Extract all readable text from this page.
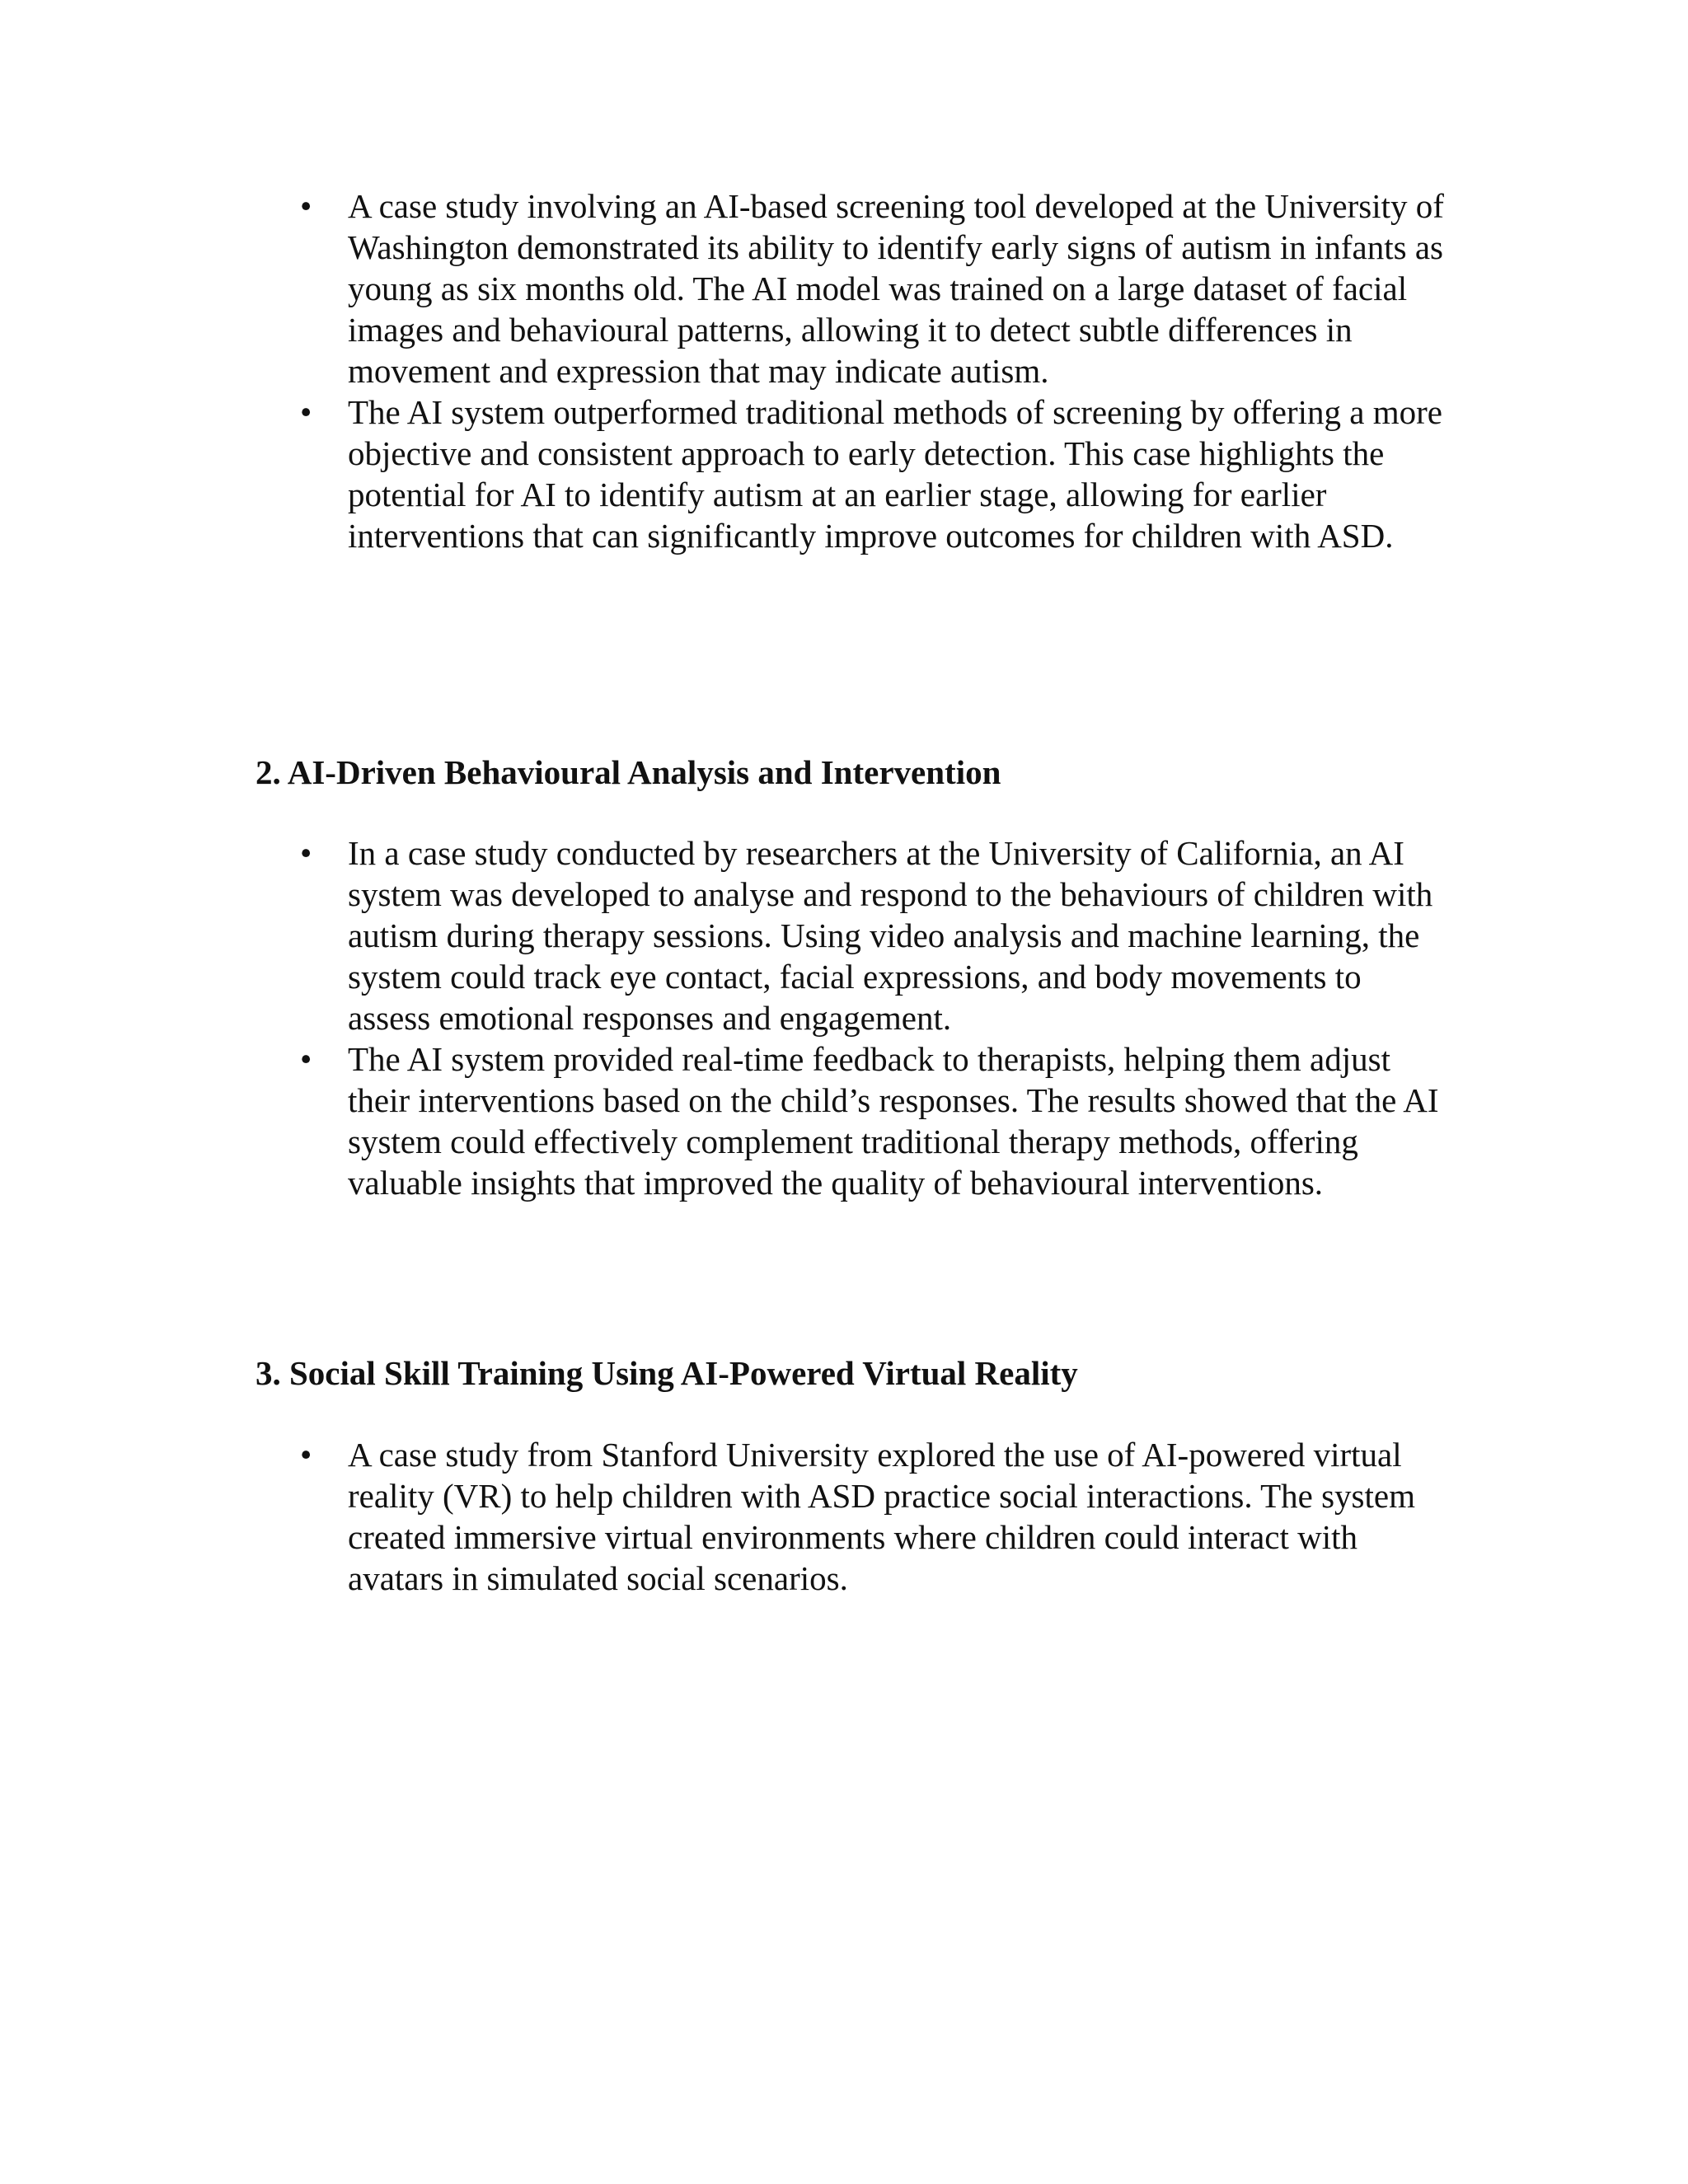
• A case study involving an AI-based screening tool developed at the University of Washington demonstrated its ability to identify early signs of autism in infants as young as six months old. The AI model was trained on a large dataset of facial images and behavioural patterns, allowing it to detect subtle differences in movement and expression that may indicate autism.
• The AI system outperformed traditional methods of screening by offering a more objective and consistent approach to early detection. This case highlights the potential for AI to identify autism at an earlier stage, allowing for earlier interventions that can significantly improve outcomes for children with ASD.
2. AI-Driven Behavioural Analysis and Intervention
• In a case study conducted by researchers at the University of California, an AI system was developed to analyse and respond to the behaviours of children with autism during therapy sessions. Using video analysis and machine learning, the system could track eye contact, facial expressions, and body movements to assess emotional responses and engagement.
• The AI system provided real-time feedback to therapists, helping them adjust their interventions based on the child’s responses. The results showed that the AI system could effectively complement traditional therapy methods, offering valuable insights that improved the quality of behavioural interventions.
3. Social Skill Training Using AI-Powered Virtual Reality
• A case study from Stanford University explored the use of AI-powered virtual reality (VR) to help children with ASD practice social interactions. The system created immersive virtual environments where children could interact with avatars in simulated social scenarios.
